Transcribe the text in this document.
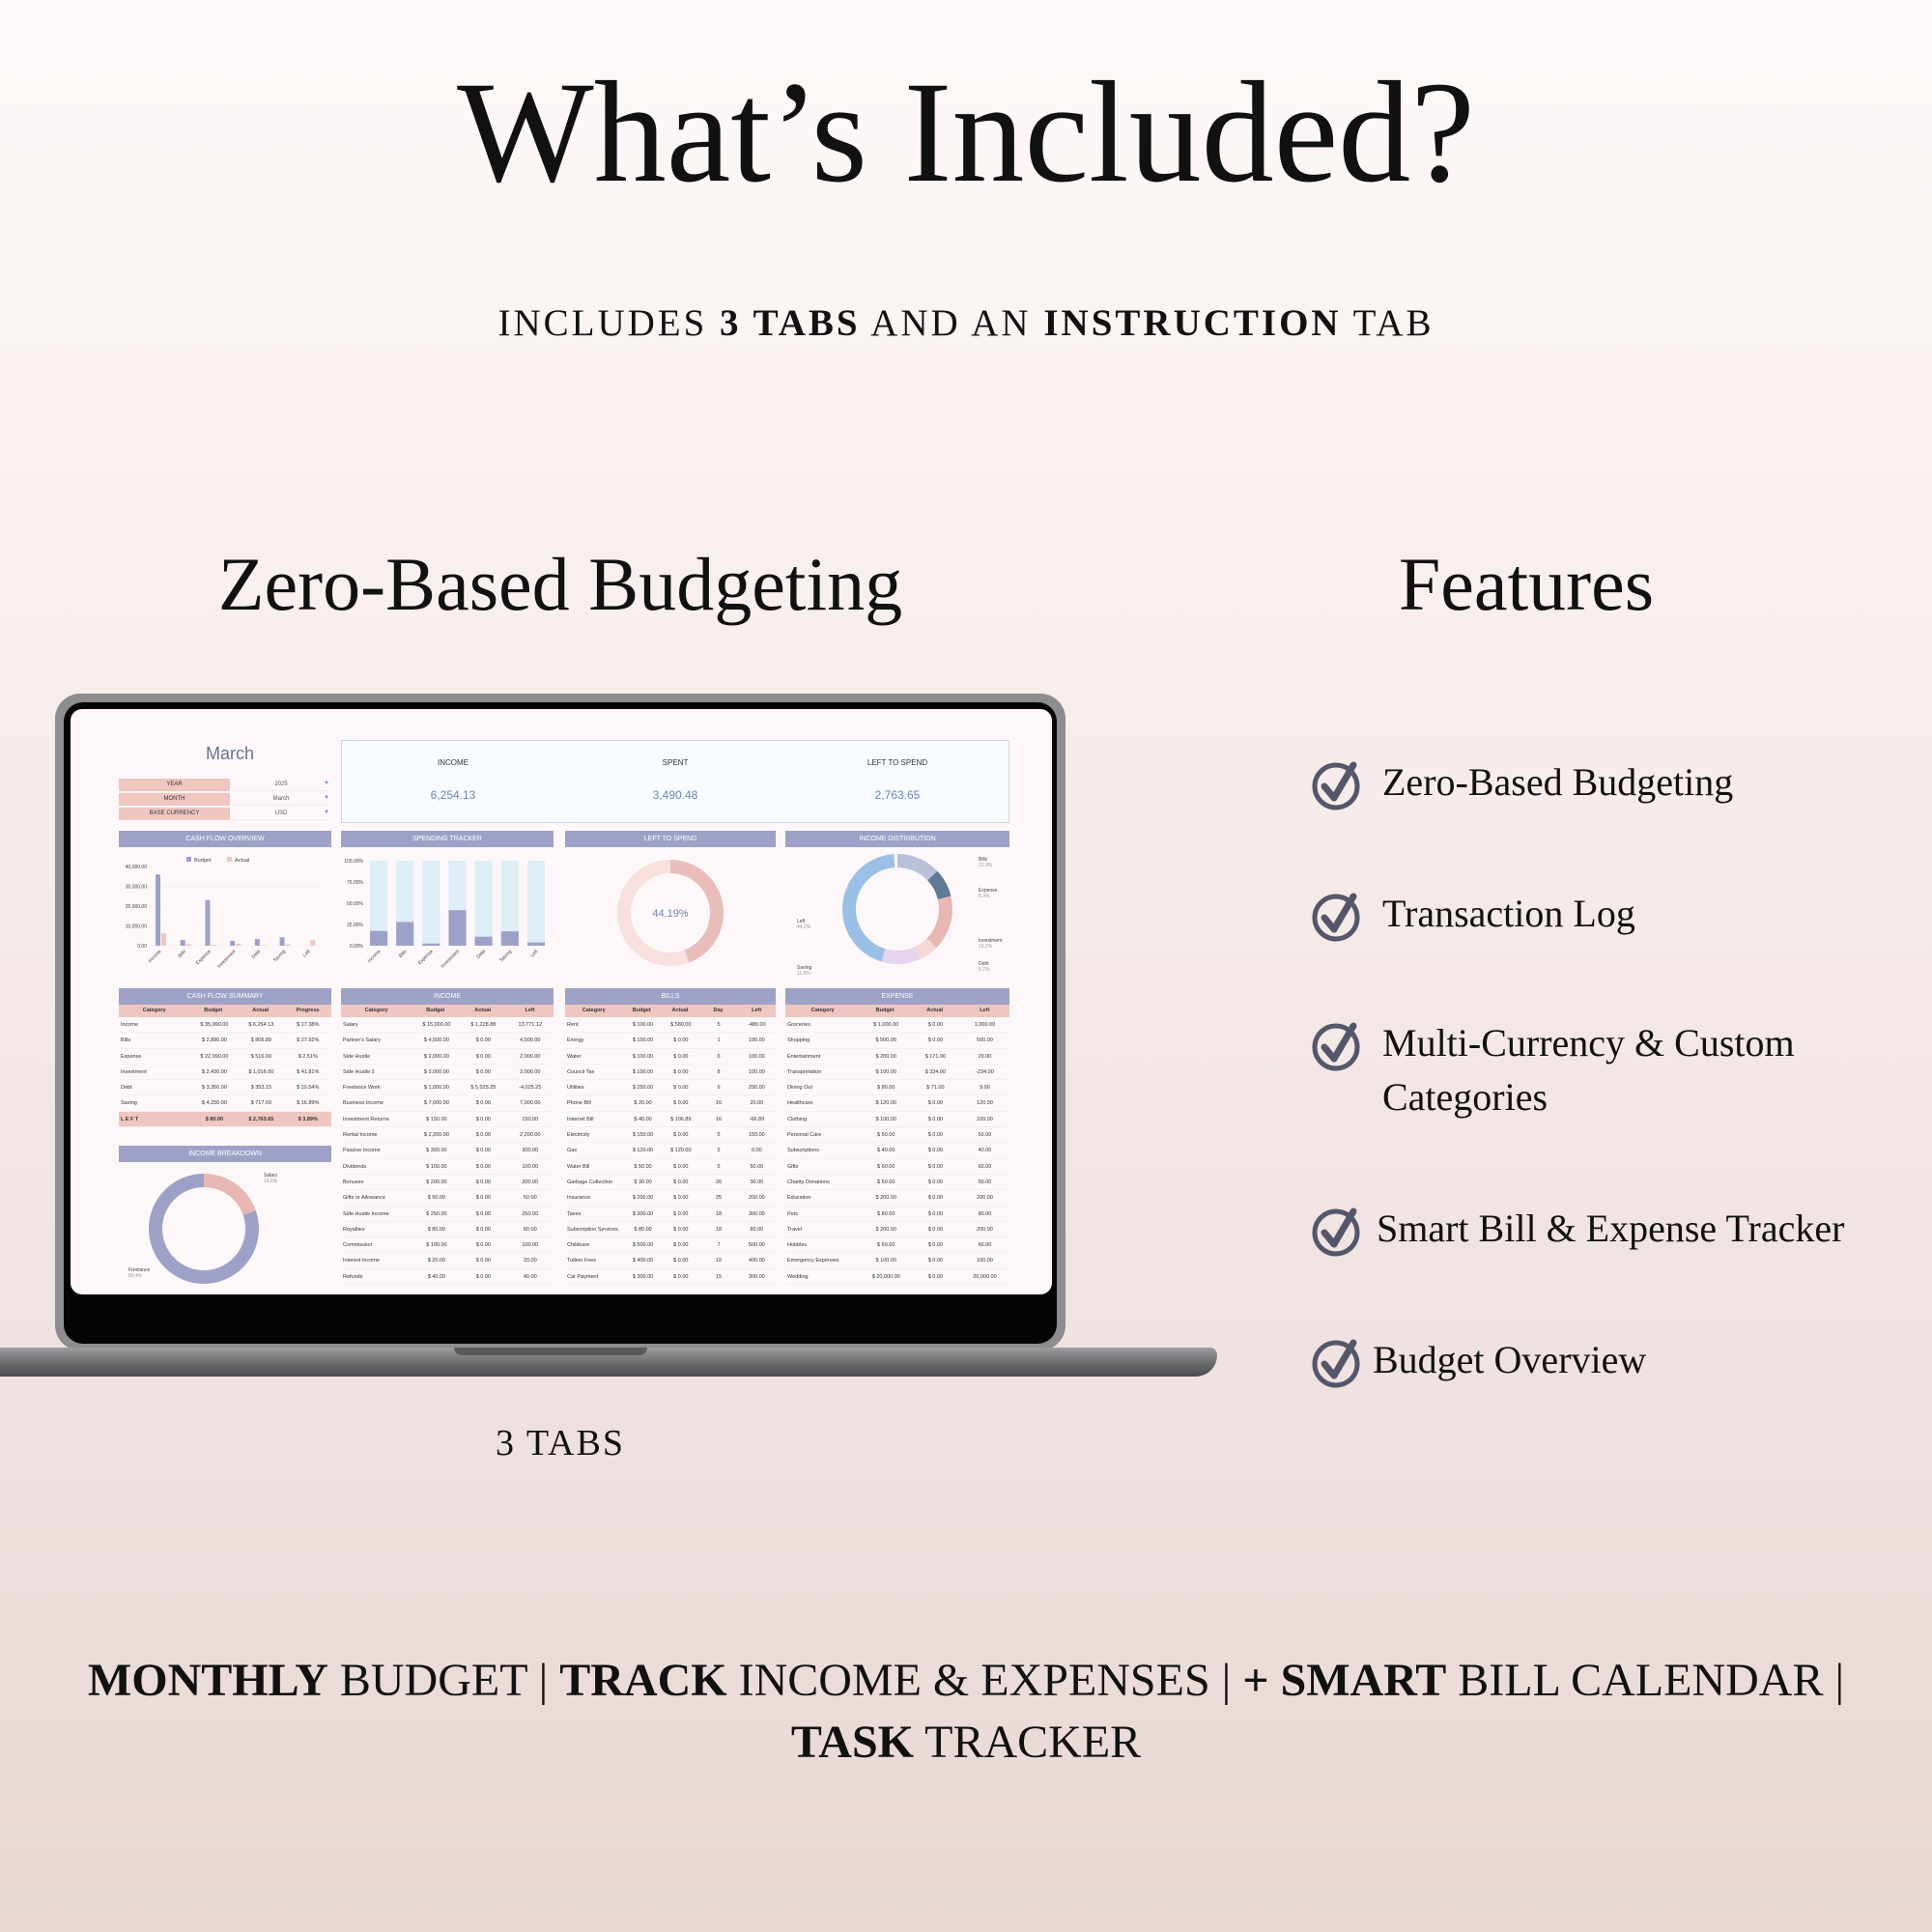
What’s Included?
INCLUDES 3 TABS AND AN INSTRUCTION TAB
Zero-Based Budgeting	Features
March
YEAR	2025	▼
MONTH	March	▼
BASE CURRENCY	USD	▼
INCOME
6,254.13
SPENT
3,490.48
LEFT TO SPEND
2,763.65
CASH FLOW OVERVIEW	SPENDING TRACKER	LEFT TO SPEND	INCOME DISTRIBUTION
Budget	Actual
40,000.00
30,000.00
20,000.00
10,000.00
0.00
Income	Bills Expense Investment	Debt Saving	Left
100.00%
75.00%
50.00%
25.00%
0.00%
Income	Bills Expense Investment	Debt Saving	Left
44.19%
Bills
12.9%
Expense
8.3%
Investment
16.2%
Debt
5.7%
Saving
11.5%
Left
44.2%
CASH FLOW SUMMARY	INCOME	BILLS	EXPENSE
Category	Budget	Actual	Progress
Income	$ 35,990.00	$ 6,254.13	$ 17.38%
Bills	$ 2,890.00	$ 806.89	$ 27.92%
Expense	$ 22,990.00	$ 516.00	$ 2.51%
Investment	$ 2,430.00	$ 1,016.00	$ 41.81%
Debt	$ 3,350.00	$ 353.15	$ 10.54%
Saving	$ 4,250.00	$ 717.69	$ 16.89%
L E F T	$ 80.00	$ 2,763.65	$ 3.89%
Category	Budget	Actual	Left
Salary	$ 15,000.00	$ 1,228.88	13,771.12
Partner's Salary	$ 4,500.00	$ 0.00	4,500.00
Side Hustle	$ 2,000.00	$ 0.00	2,000.00
Side Hustle 2	$ 3,000.00	$ 0.00	3,000.00
Freelance Work	$ 1,000.00	$ 5,025.25	-4,025.25
Business Income	$ 7,000.00	$ 0.00	7,000.00
Investment Returns	$ 150.00	$ 0.00	150.00
Rental Income	$ 2,200.00	$ 0.00	2,200.00
Passive Income	$ 300.00	$ 0.00	300.00
Dividends	$ 100.00	$ 0.00	100.00
Bonuses	$ 200.00	$ 0.00	200.00
Gifts or Allowance	$ 50.00	$ 0.00	50.00
Side Hustle Income	$ 250.00	$ 0.00	250.00
Royalties	$ 80.00	$ 0.00	80.00
Commission	$ 100.00	$ 0.00	100.00
Interest Income	$ 20.00	$ 0.00	20.00
Refunds	$ 40.00	$ 0.00	40.00
Category	Budget	Actual	Day	Left
Rent	$ 100.00	$ 580.00	5	-480.00
Energy	$ 100.00	$ 0.00	1	100.00
Water	$ 100.00	$ 0.00	6	100.00
Council Tax	$ 100.00	$ 0.00	8	100.00
Utilities	$ 250.00	$ 0.00	9	250.00
Phone Bill	$ 20.00	$ 0.00	16	20.00
Internet Bill	$ 40.00	$ 106.89	16	-66.89
Electricity	$ 150.00	$ 0.00	5	150.00
Gas	$ 120.00	$ 120.00	5	0.00
Water Bill	$ 50.00	$ 0.00	5	50.00
Garbage Collection	$ 30.00	$ 0.00	20	30.00
Insurance	$ 200.00	$ 0.00	25	200.00
Taxes	$ 300.00	$ 0.00	18	300.00
Subscription Services	$ 80.00	$ 0.00	18	80.00
Childcare	$ 500.00	$ 0.00	7	500.00
Tuition Fees	$ 400.00	$ 0.00	10	400.00
Car Payment	$ 300.00	$ 0.00	15	300.00
Category	Budget	Actual	Left
Groceries	$ 1,000.00	$ 0.00	1,000.00
Shopping	$ 500.00	$ 0.00	500.00
Entertainment	$ 200.00	$ 171.00	29.00
Transportation	$ 100.00	$ 334.00	-234.00
Dining Out	$ 80.00	$ 71.00	9.00
Healthcare	$ 120.00	$ 0.00	120.00
Clothing	$ 100.00	$ 0.00	100.00
Personal Care	$ 50.00	$ 0.00	50.00
Subscriptions	$ 40.00	$ 0.00	40.00
Gifts	$ 60.00	$ 0.00	60.00
Charity Donations	$ 50.00	$ 0.00	50.00
Education	$ 200.00	$ 0.00	200.00
Pets	$ 80.00	$ 0.00	80.00
Travel	$ 200.00	$ 0.00	200.00
Hobbies	$ 60.00	$ 0.00	60.00
Emergency Expenses	$ 100.00	$ 0.00	100.00
Wedding	$ 20,000.00	$ 0.00	20,000.00
INCOME BREAKDOWN
Salary
19.6%
Freelance
80.4%
3 TABS
Zero-Based Budgeting
Transaction Log
Multi-Currency & Custom
Categories
Smart Bill & Expense Tracker
Budget Overview
MONTHLY BUDGET | TRACK INCOME & EXPENSES | + SMART BILL CALENDAR |
TASK TRACKER
